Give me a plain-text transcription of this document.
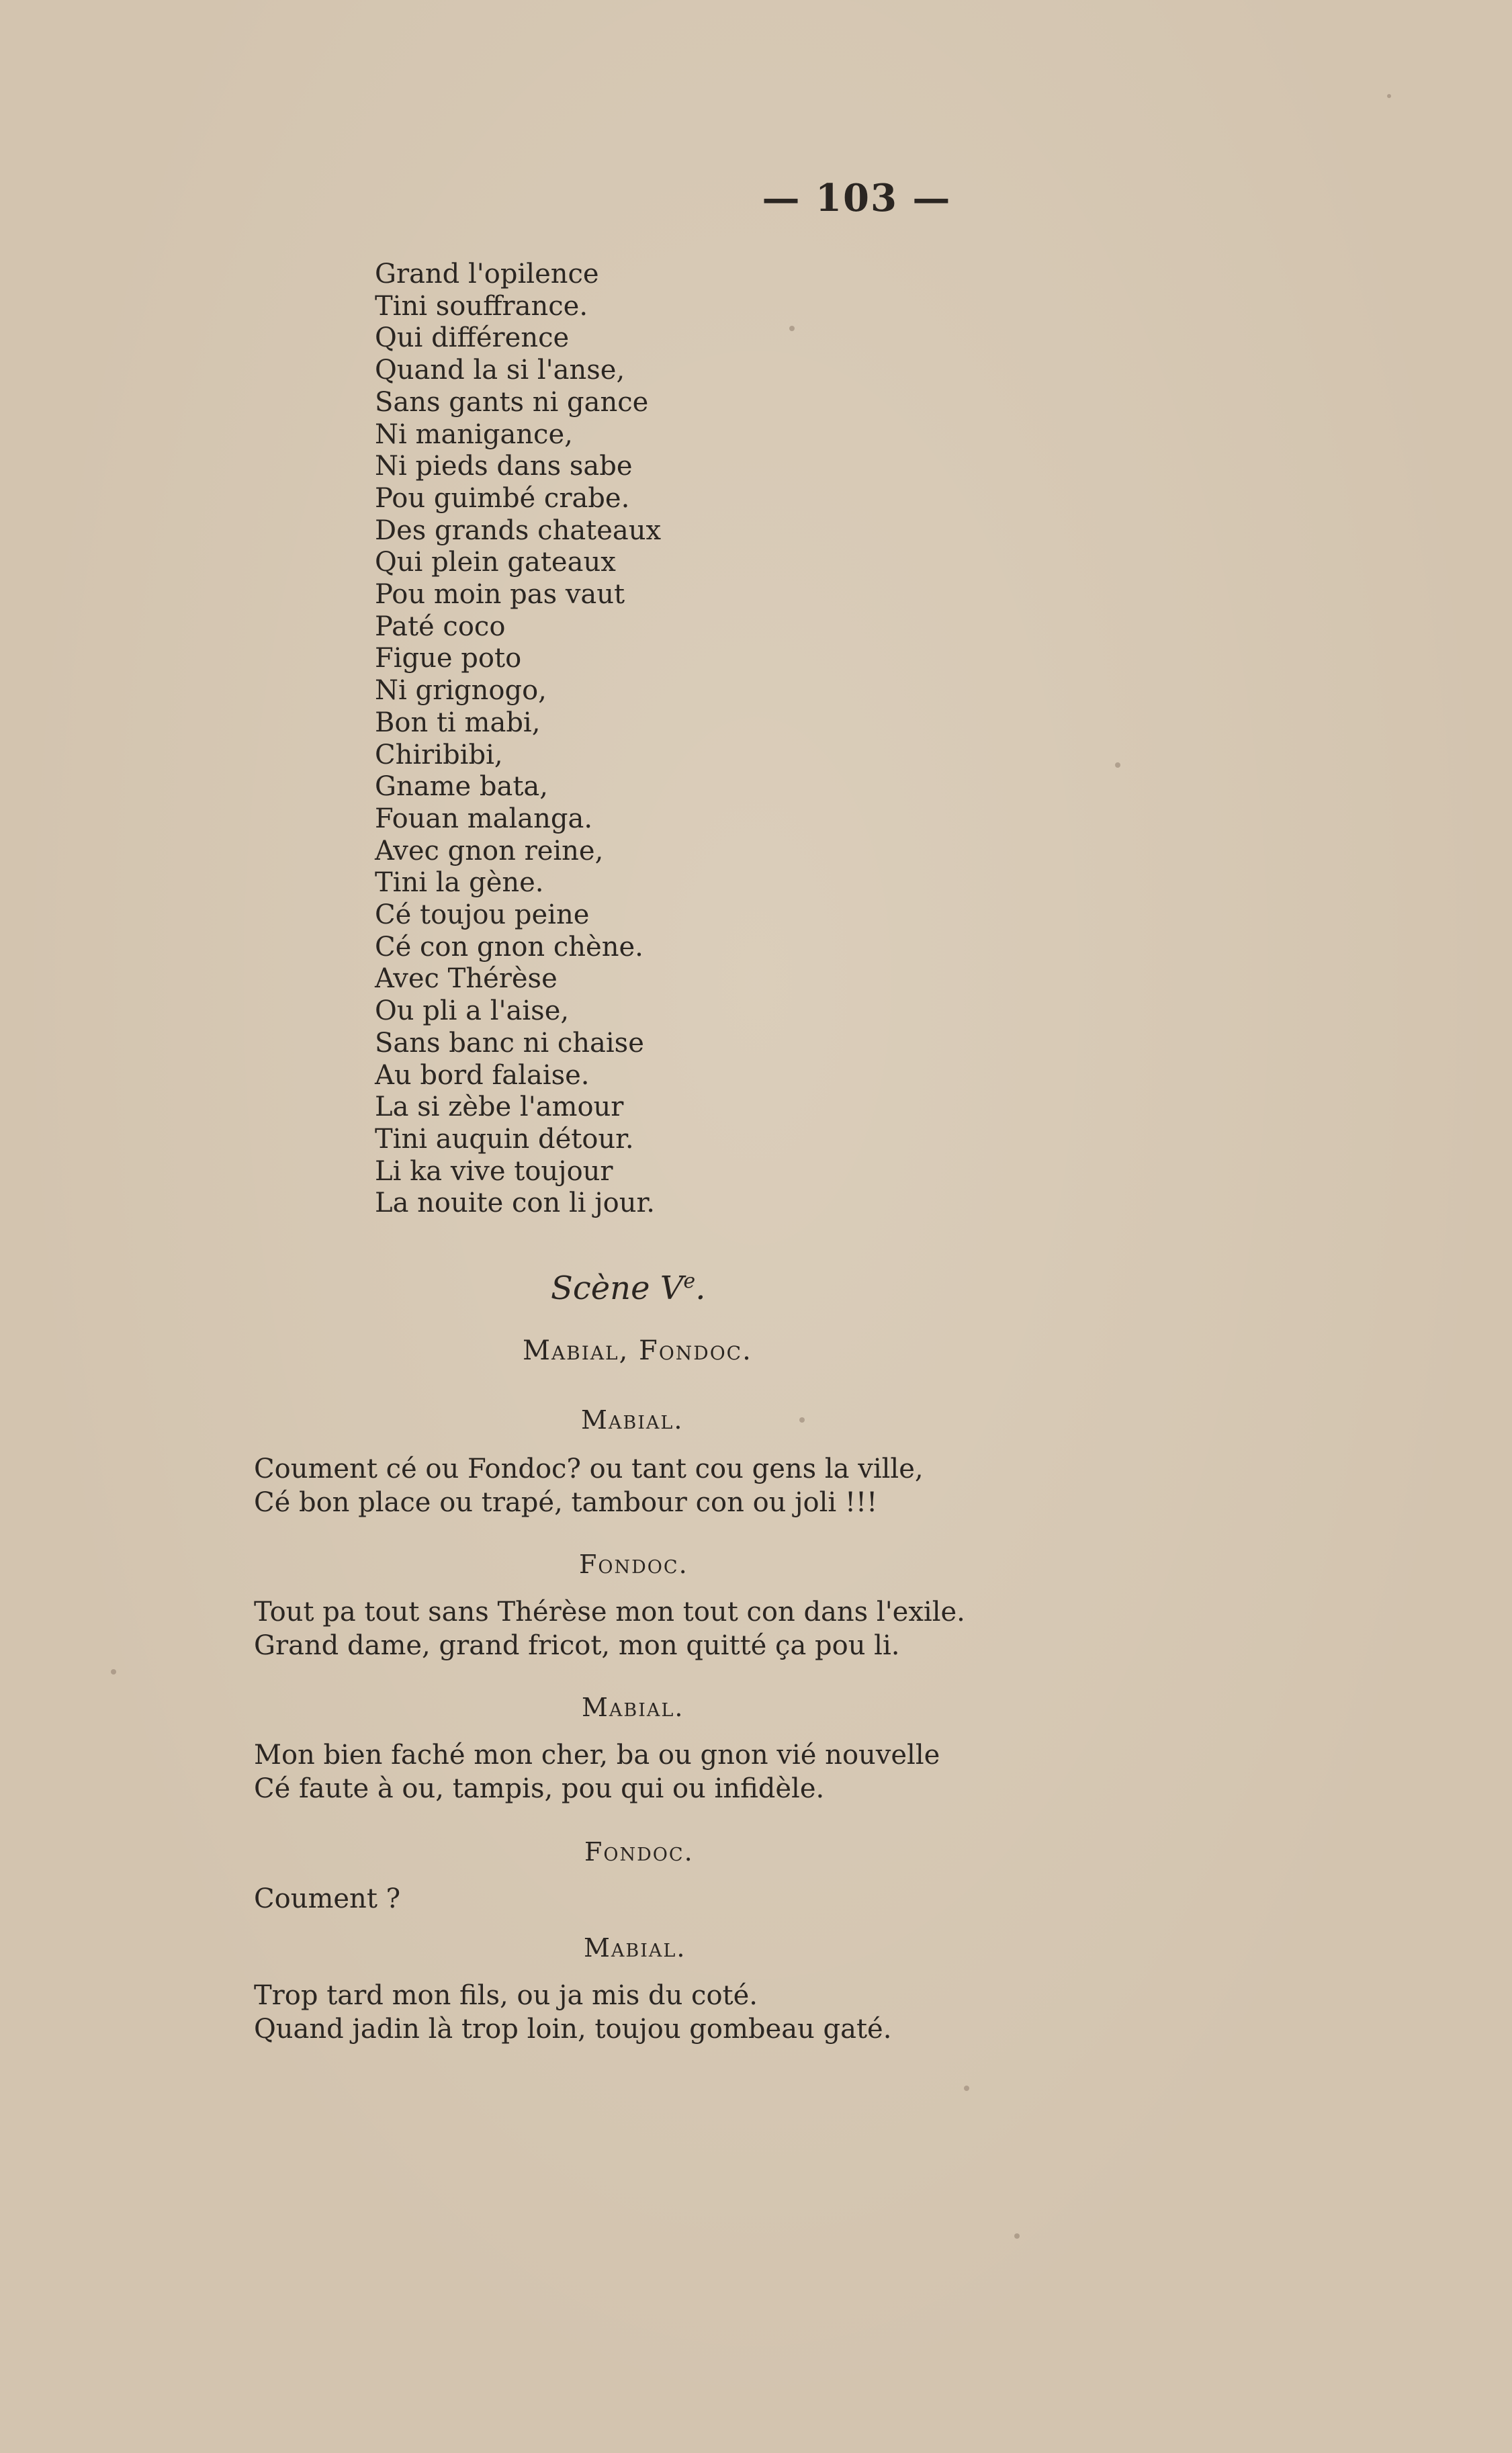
— 103 —
Grand l'opilence
Tini souffrance.
Qui différence
Quand la si l'anse,
Sans gants ni gance
Ni manigance,
Ni pieds dans sabe
Pou guimbé crabe.
Des grands chateaux
Qui plein gateaux
Pou moin pas vaut
Paté coco
Figue poto
Ni grignogo,
Bon ti mabi,
Chiribibi,
Gname bata,
Fouan malanga.
Avec gnon reine,
Tini la gène.
Cé toujou peine
Cé con gnon chène.
Avec Thérèse
Ou pli a l'aise,
Sans banc ni chaise
Au bord falaise.
La si zèbe l'amour
Tini auquin détour.
Li ka vive toujour
La nouite con li jour.
Scène Ve.
Mabial, Fondoc.
Mabial.
Coument cé ou Fondoc? ou tant cou gens la ville,
Cé bon place ou trapé, tambour con ou joli !!!
Fondoc.
Tout pa tout sans Thérèse mon tout con dans l'exile.
Grand dame, grand fricot, mon quitté ça pou li.
Mabial.
Mon bien faché mon cher, ba ou gnon vié nouvelle
Cé faute à ou, tampis, pou qui ou infidèle.
Fondoc.
Coument ?
Mabial.
Trop tard mon fils, ou ja mis du coté.
Quand jadin là trop loin, toujou gombeau gaté.
